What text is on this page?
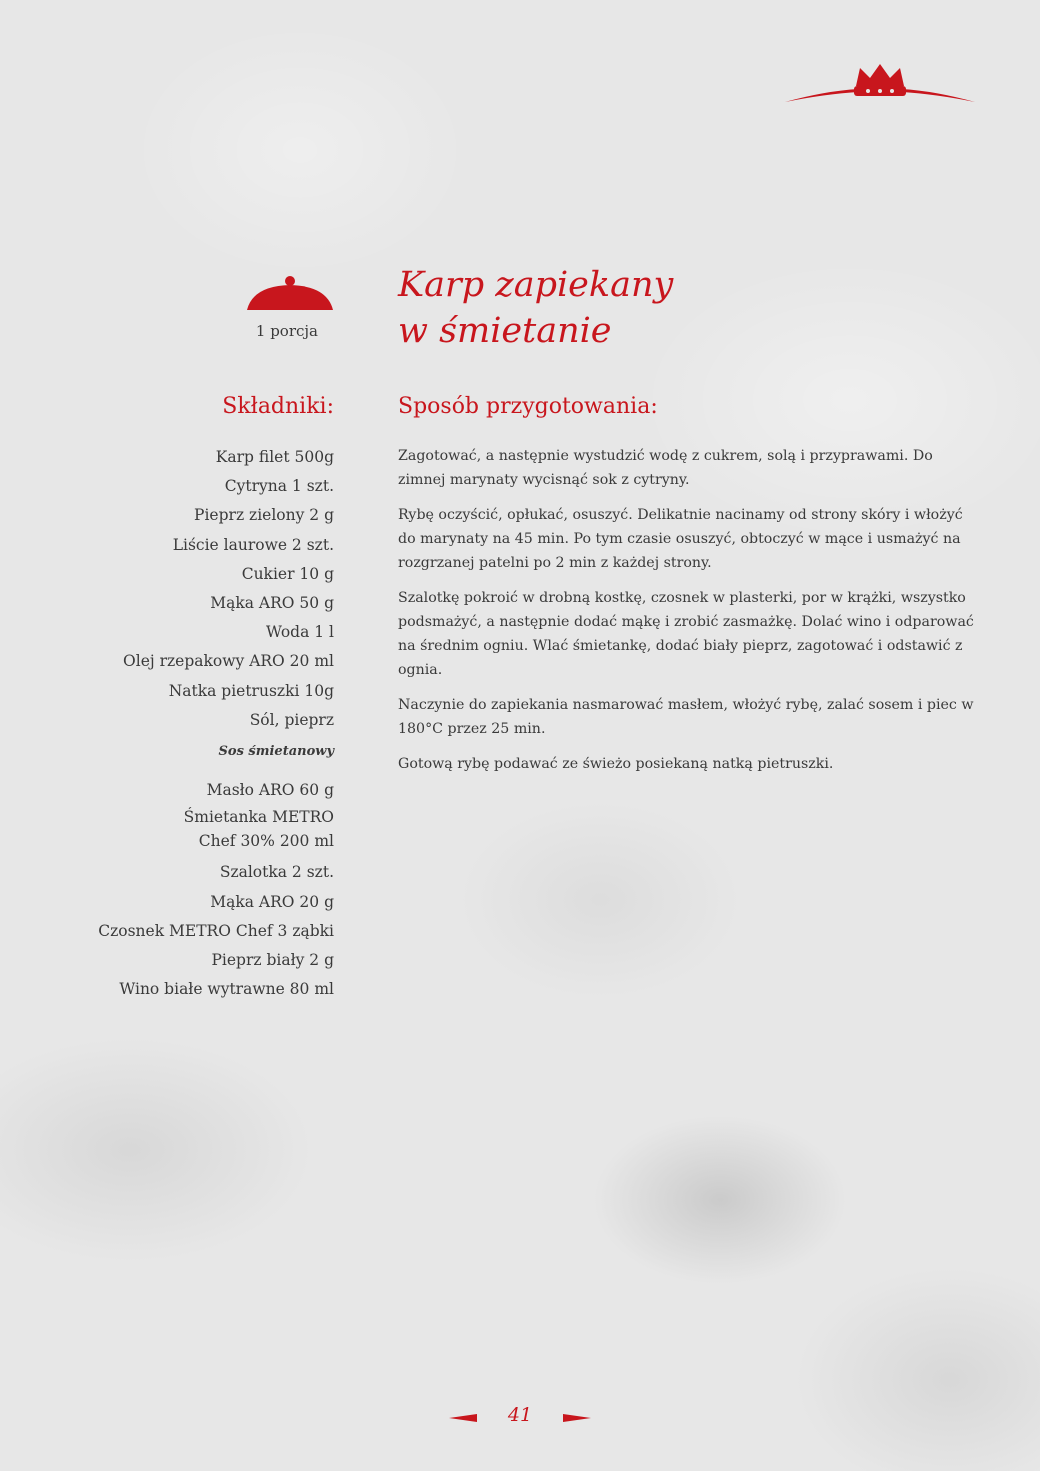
1 porcja
Karp zapiekany
w śmietanie
Składniki:	Sposób przygotowania:
Karp filet 500g
Cytryna 1 szt.
Pieprz zielony 2 g
Liście laurowe 2 szt.
Cukier 10 g
Mąka ARO 50 g
Woda 1 l
Olej rzepakowy ARO 20 ml
Natka pietruszki 10g
Sól, pieprz
Sos śmietanowy
Masło ARO 60 g
Śmietanka METRO Chef 30% 200 ml
Szalotka 2 szt.
Mąka ARO 20 g
Czosnek METRO Chef 3 ząbki
Pieprz biały 2 g
Wino białe wytrawne 80 ml

Zagotować, a następnie wystudzić wodę z cukrem, solą i przyprawami. Do zimnej marynaty wycisnąć sok z cytryny.

Rybę oczyścić, opłukać, osuszyć. Delikatnie nacinamy od strony skóry i włożyć do marynaty na 45 min. Po tym czasie osuszyć, obtoczyć w mące i usmażyć na rozgrzanej patelni po 2 min z każdej strony.

Szalotkę pokroić w drobną kostkę, czosnek w plasterki, por w krążki, wszystko podsmażyć, a następnie dodać mąkę i zrobić zasmażkę. Dolać wino i odparować na średnim ogniu. Wlać śmietankę, dodać biały pieprz, zagotować i odstawić z ognia.

Naczynie do zapiekania nasmarować masłem, włożyć rybę, zalać sosem i piec w 180°C przez 25 min.

Gotową rybę podawać ze świeżo posiekaną natką pietruszki.

41
